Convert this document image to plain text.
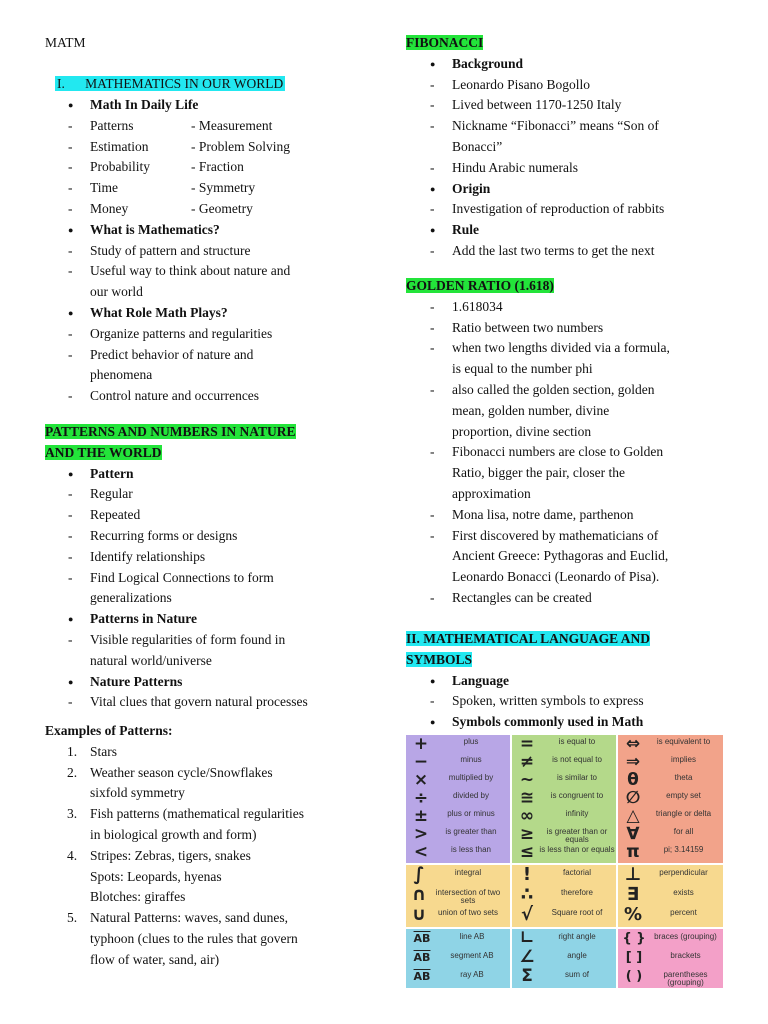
MATM
I.      MATHEMATICS IN OUR WORLD
● Math In Daily Life
- Patterns	- Measurement
- Estimation	- Problem Solving
- Probability	- Fraction
- Time	- Symmetry
- Money	- Geometry
● What is Mathematics?
- Study of pattern and structure
- Useful way to think about nature and
our world
● What Role Math Plays?
- Organize patterns and regularities
- Predict behavior of nature and
phenomena
- Control nature and occurrences
PATTERNS AND NUMBERS IN NATURE
AND THE WORLD
● Pattern
- Regular
- Repeated
- Recurring forms or designs
- Identify relationships
- Find Logical Connections to form
generalizations
● Patterns in Nature
- Visible regularities of form found in
natural world/universe
● Nature Patterns
- Vital clues that govern natural processes
Examples of Patterns:
1. Stars
2. Weather season cycle/Snowflakes
sixfold symmetry
3. Fish patterns (mathematical regularities
in biological growth and form)
4. Stripes: Zebras, tigers, snakes
Spots: Leopards, hyenas
Blotches: giraffes
5. Natural Patterns: waves, sand dunes,
typhoon (clues to the rules that govern
flow of water, sand, air)
FIBONACCI
● Background
- Leonardo Pisano Bogollo
- Lived between 1170-1250 Italy
- Nickname “Fibonacci” means “Son of
Bonacci”
- Hindu Arabic numerals
● Origin
- Investigation of reproduction of rabbits
● Rule
- Add the last two terms to get the next
GOLDEN RATIO (1.618)
- 1.618034
- Ratio between two numbers
- when two lengths divided via a formula,
is equal to the number phi
- also called the golden section, golden
mean, golden number, divine
proportion, divine section
- Fibonacci numbers are close to Golden
Ratio, bigger the pair, closer the
approximation
- Mona lisa, notre dame, parthenon
- First discovered by mathematicians of
Ancient Greece: Pythagoras and Euclid,
Leonardo Bonacci (Leonardo of Pisa).
- Rectangles can be created
II. MATHEMATICAL LANGUAGE AND
SYMBOLS
● Language
- Spoken, written symbols to express
● Symbols commonly used in Math
+	plus
−	minus
×	multiplied by
÷	divided by
±	plus or minus
>	is greater than
<	is less than
=	is equal to
≠	is not equal to
~	is similar to
≅	is congruent to
∞	infinity
≥	is greater than or equals
≤ is less than or equals
⇔	is equivalent to
⇒	implies
θ	theta
∅	empty set
△	triangle or delta
∀	for all
π	pi; 3.14159
∫	integral
∩	intersection of two sets
∪	union of two sets
!	factorial
∴	therefore
√	Square root of
⊥	perpendicular
∃	exists
%	percent
$\overline{AB}$	line AB
$\overline{AB}$	segment AB
$\overline{AB}$	ray AB
∟	right angle
∠	angle
Σ	sum of
{ }	braces (grouping)
[ ]	brackets
( )	parentheses (grouping)
